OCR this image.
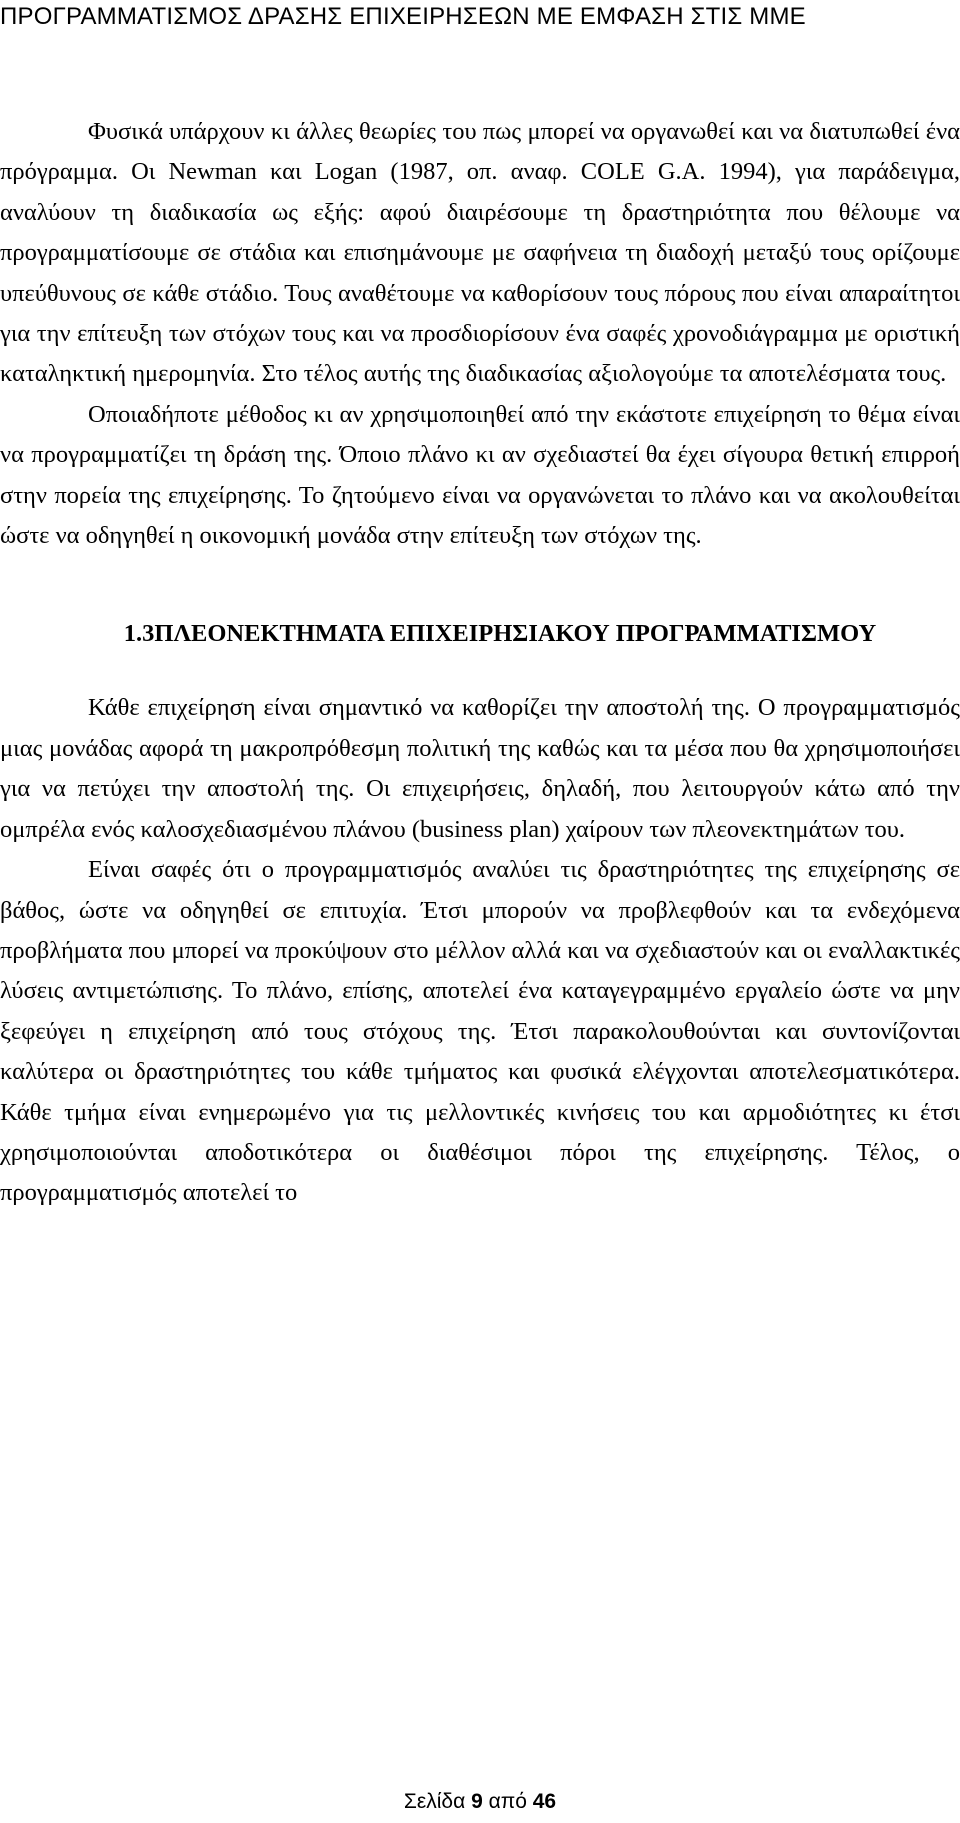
ΠΡΟΓΡΑΜΜΑΤΙΣΜΟΣ ΔΡΑΣΗΣ ΕΠΙΧΕΙΡΗΣΕΩΝ ΜΕ ΕΜΦΑΣΗ ΣΤΙΣ ΜΜΕ

Φυσικά υπάρχουν κι άλλες θεωρίες του πως μπορεί να οργανωθεί και να διατυπωθεί ένα πρόγραμμα. Οι Newman και Logan (1987, οπ. αναφ. COLE G.A. 1994), για παράδειγμα, αναλύουν τη διαδικασία ως εξής: αφού διαιρέσουμε τη δραστηριότητα που θέλουμε να προγραμματίσουμε σε στάδια και επισημάνουμε με σαφήνεια τη διαδοχή μεταξύ τους ορίζουμε υπεύθυνους σε κάθε στάδιο. Τους αναθέτουμε να καθορίσουν τους πόρους που είναι απαραίτητοι για την επίτευξη των στόχων τους και να προσδιορίσουν ένα σαφές χρονοδιάγραμμα με οριστική καταληκτική ημερομηνία. Στο τέλος αυτής της διαδικασίας αξιολογούμε τα αποτελέσματα τους.

Οποιαδήποτε μέθοδος κι αν χρησιμοποιηθεί από την εκάστοτε επιχείρηση το θέμα είναι να προγραμματίζει τη δράση της. Όποιο πλάνο κι αν σχεδιαστεί θα έχει σίγουρα θετική επιρροή στην πορεία της επιχείρησης. Το ζητούμενο είναι να οργανώνεται το πλάνο και να ακολουθείται ώστε να οδηγηθεί η οικονομική μονάδα στην επίτευξη των στόχων της.

1.3ΠΛΕΟΝΕΚΤΗΜΑΤΑ ΕΠΙΧΕΙΡΗΣΙΑΚΟΥ ΠΡΟΓΡΑΜΜΑΤΙΣΜΟΥ

Κάθε επιχείρηση είναι σημαντικό να καθορίζει την αποστολή της. Ο προγραμματισμός μιας μονάδας αφορά τη μακροπρόθεσμη πολιτική της καθώς και τα μέσα που θα χρησιμοποιήσει για να πετύχει την αποστολή της. Οι επιχειρήσεις, δηλαδή, που λειτουργούν κάτω από την ομπρέλα ενός καλοσχεδιασμένου πλάνου (business plan) χαίρουν των πλεονεκτημάτων του.

Είναι σαφές ότι ο προγραμματισμός αναλύει τις δραστηριότητες της επιχείρησης σε βάθος, ώστε να οδηγηθεί σε επιτυχία. Έτσι μπορούν να προβλεφθούν και τα ενδεχόμενα προβλήματα που μπορεί να προκύψουν στο μέλλον αλλά και να σχεδιαστούν και οι εναλλακτικές λύσεις αντιμετώπισης. Το πλάνο, επίσης, αποτελεί ένα καταγεγραμμένο εργαλείο ώστε να μην ξεφεύγει η επιχείρηση από τους στόχους της. Έτσι παρακολουθούνται και συντονίζονται καλύτερα οι δραστηριότητες του κάθε τμήματος και φυσικά ελέγχονται αποτελεσματικότερα. Κάθε τμήμα είναι ενημερωμένο για τις μελλοντικές κινήσεις του και αρμοδιότητες κι έτσι χρησιμοποιούνται αποδοτικότερα οι διαθέσιμοι πόροι της επιχείρησης. Τέλος, ο προγραμματισμός αποτελεί το

Σελίδα 9 από 46
